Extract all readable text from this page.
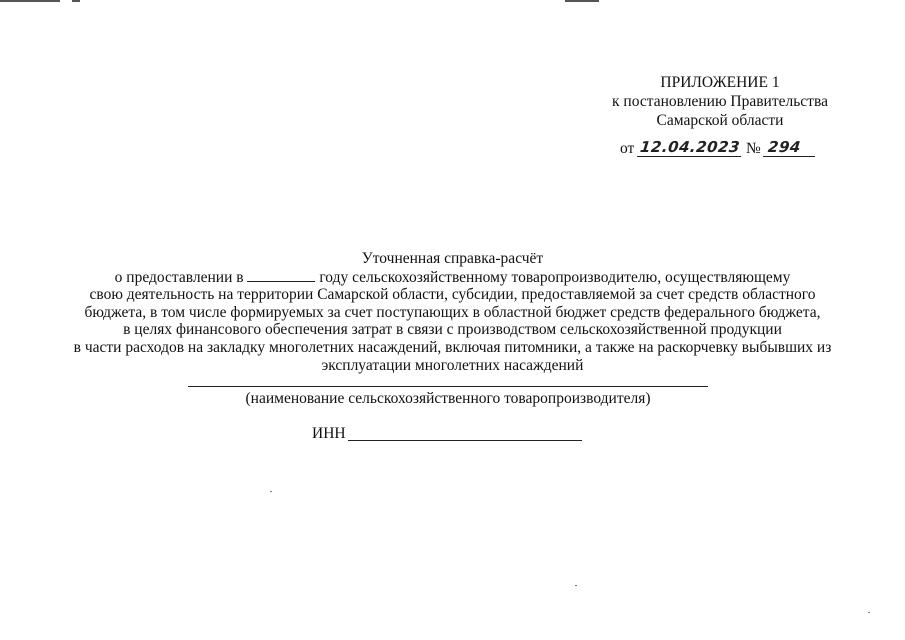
ПРИЛОЖЕНИЕ 1
к постановлению Правительства
Самарской области
от 12.04.2023 № 294
Уточненная справка-расчёт
о предоставлении в	году сельскохозяйственному товаропроизводителю, осуществляющему
свою деятельность на территории Самарской области, субсидии, предоставляемой за счет средств областного
бюджета, в том числе формируемых за счет поступающих в областной бюджет средств федерального бюджета,
в целях финансового обеспечения затрат в связи с производством сельскохозяйственной продукции
в части расходов на закладку многолетних насаждений, включая питомники, а также на раскорчевку выбывших из
эксплуатации многолетних насаждений
(наименование сельскохозяйственного товаропроизводителя)
ИНН
